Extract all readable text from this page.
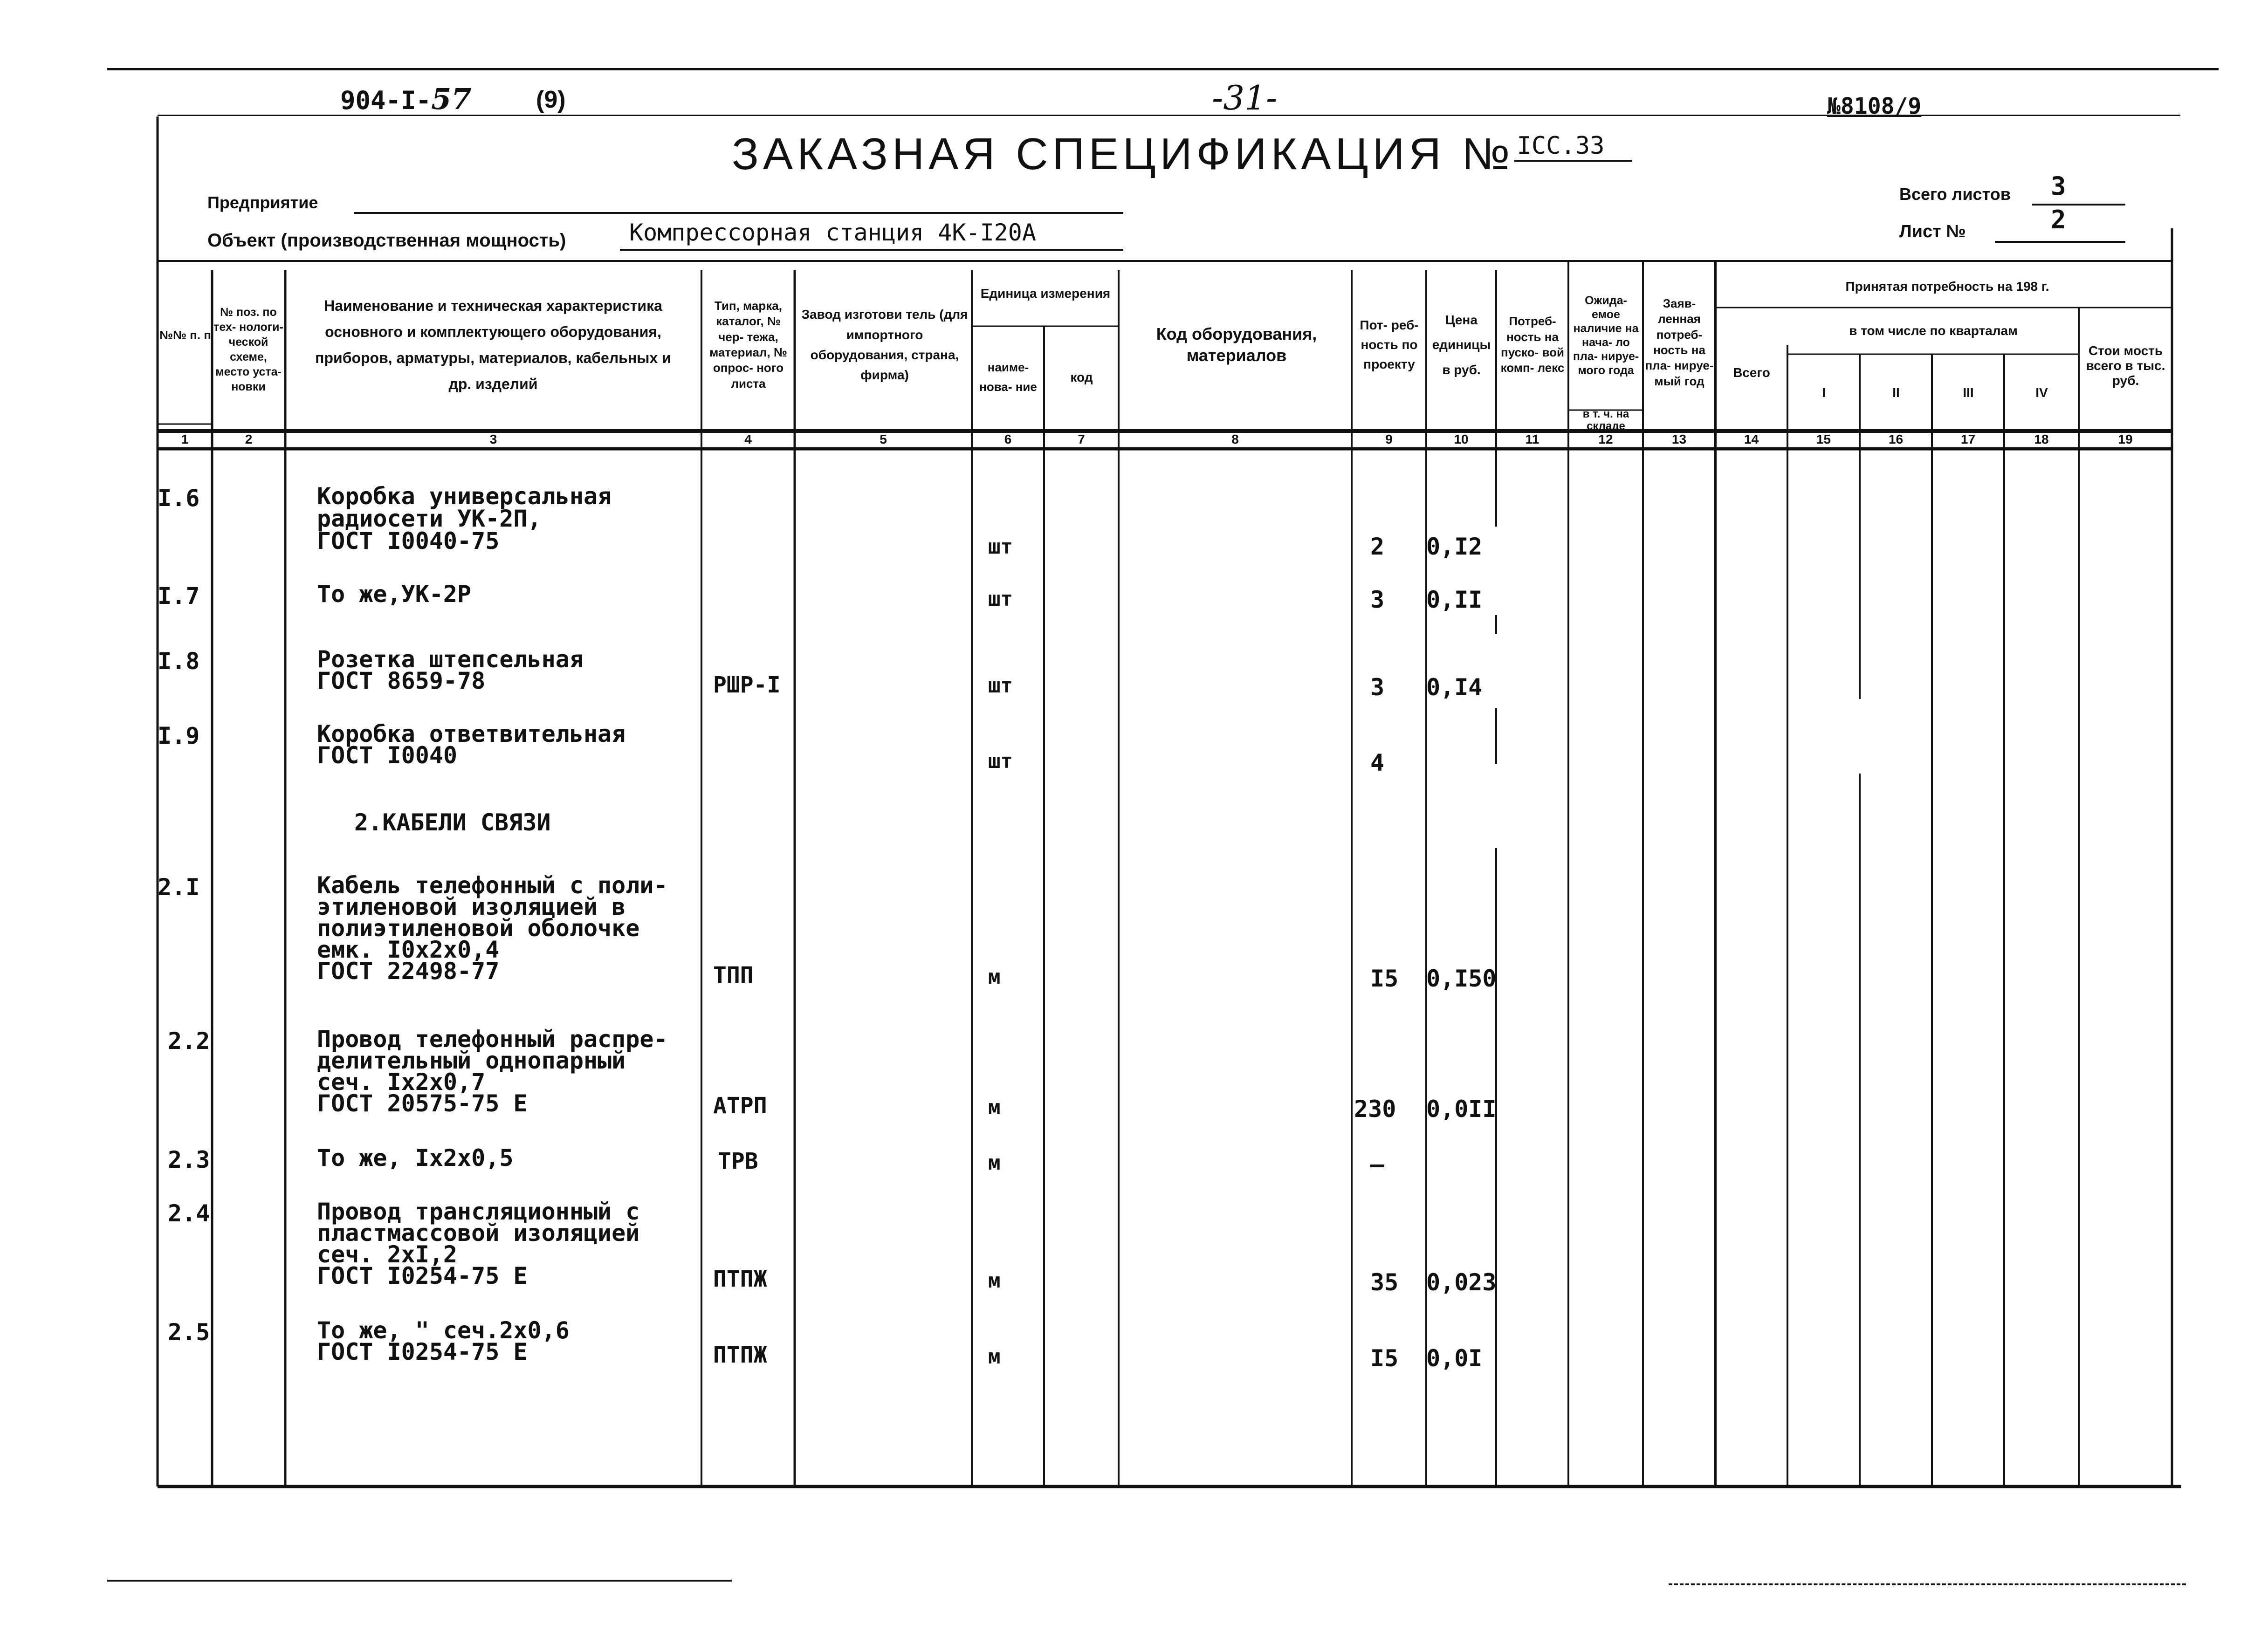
904-I-57	(9)	-31-	№8108/9
ЗАКАЗНАЯ СПЕЦИФИКАЦИЯ № $^{IСС.33}$
Предприятие
Объект (производственная мощность)	Компрессорная станция 4К-I20А
Всего листов 3
Лист №	2
№№ п. п
№ поз. по тех- нологи- ческой схеме, место уста- новки
Наименование и техническая характеристика основного и комплектующего оборудования, приборов, арматуры, материалов, кабельных и др. изделий
Тип, марка, каталог, № чер- тежа, материал, № опрос- ного листа
Завод изготови тель (для импортного оборудования, страна, фирма)
Единица измерения
наиме- нова- ние
код
Код оборудования, материалов
Пот- реб- ность по проекту
Цена единицы в руб.
Потреб- ность на пуско- вой комп- лекс
Ожида- емое наличие на нача- ло пла- нируе- мого года
в т. ч. на складе
Заяв- ленная потреб- ность на пла- нируе- мый год
Принятая потребность на 198 г.
Всего
в том числе по кварталам
I	II	III	IV
Стои мость всего в тыс. руб.
1	2	3	4	5	6	7	8	9	10	11	12	13	14	15	16	17	18	19
I.6	Коробка универсальная
радиосети УК-2П,
ГОСТ I0040-75	шт	2 0,I2
I.7	То же,УК-2Р	шт	3 0,II
I.8	Розетка штепсельная
ГОСТ 8659-78	РШР-I	шт	3 0,I4
I.9	Коробка ответвительная
ГОСТ I0040	шт	4
2.КАБЕЛИ СВЯЗИ
2.I	Кабель телефонный с поли-
этиленовой изоляцией в
полиэтиленовой оболочке
емк. I0х2х0,4
ГОСТ 22498-77	ТПП	м	I5 0,I50
2.2	Провод телефонный распре-
делительный однопарный
сеч. Iх2х0,7
ГОСТ 20575-75 Е	АТРП	м	230 0,0II
2.3	То же, Iх2х0,5	ТРВ	м	–
2.4	Провод трансляционный с
пластмассовой изоляцией
сеч. 2хI,2
ГОСТ I0254-75 Е	ПТПЖ	м	35 0,023
2.5	То же, " сеч.2х0,6
ГОСТ I0254-75 Е	ПТПЖ	м	I5 0,0I
